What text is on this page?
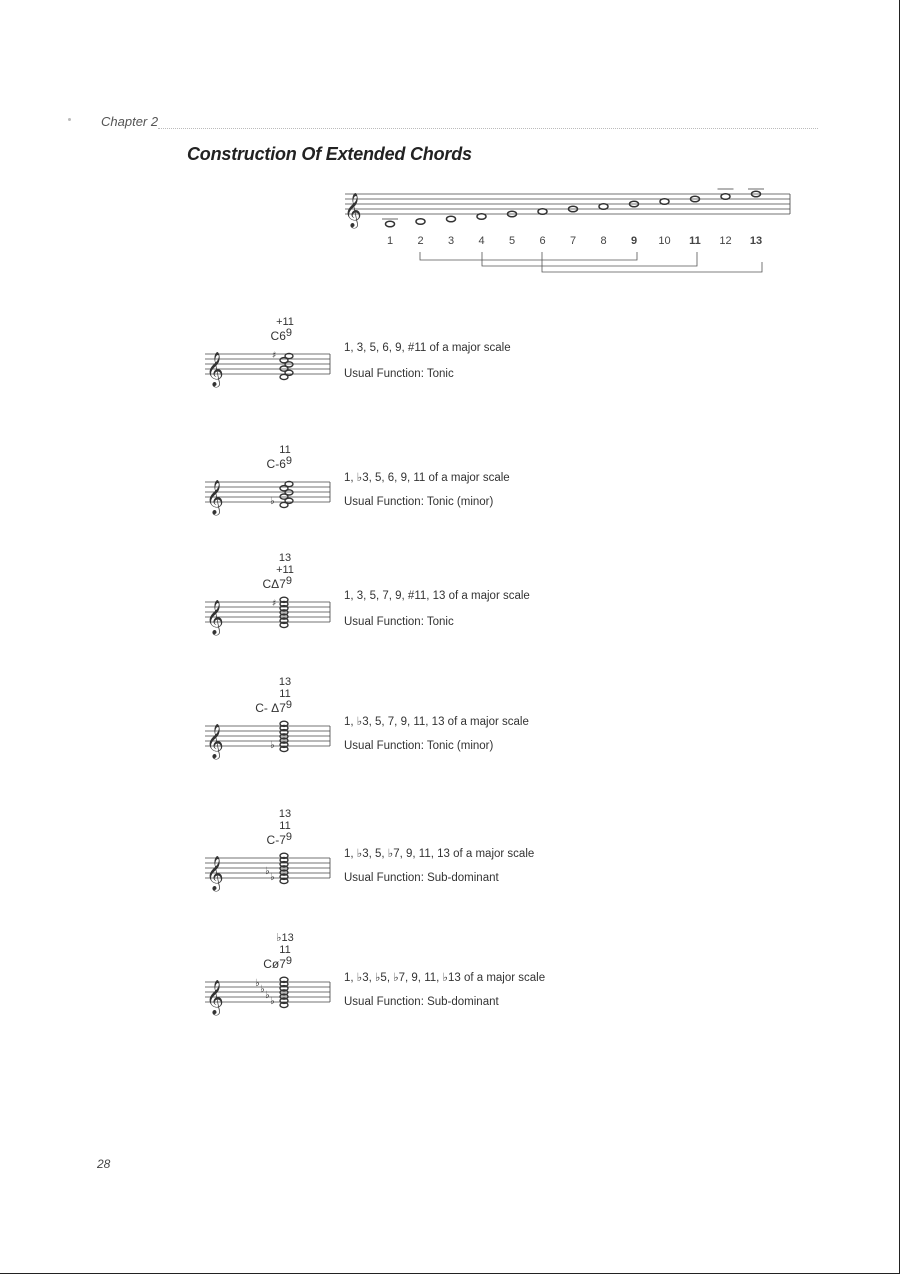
Chapter 2
Construction Of Extended Chords
𝄞
1 2 3 4 5 6 7 8 9 10 11 12 13
+11
C69
𝄞	♯
1, 3, 5, 6, 9, #11 of a major scale
Usual Function: Tonic
11
C-69
𝄞	♭
1, ♭3, 5, 6, 9, 11 of a major scale
Usual Function: Tonic (minor)
13
+11
CΔ79
𝄞	♯
1, 3, 5, 7, 9, #11, 13 of a major scale
Usual Function: Tonic
13
11
C- Δ79
𝄞	♭
1, ♭3, 5, 7, 9, 11, 13 of a major scale
Usual Function: Tonic (minor)
13
11
C-79
𝄞	♭
♭
1, ♭3, 5, ♭7, 9, 11, 13 of a major scale
Usual Function: Sub-dominant
♭13
11
Cø79
𝄞	♭
♭
♭
♭	1, ♭3, ♭5, ♭7, 9, 11, ♭13 of a major scale
Usual Function: Sub-dominant
28
